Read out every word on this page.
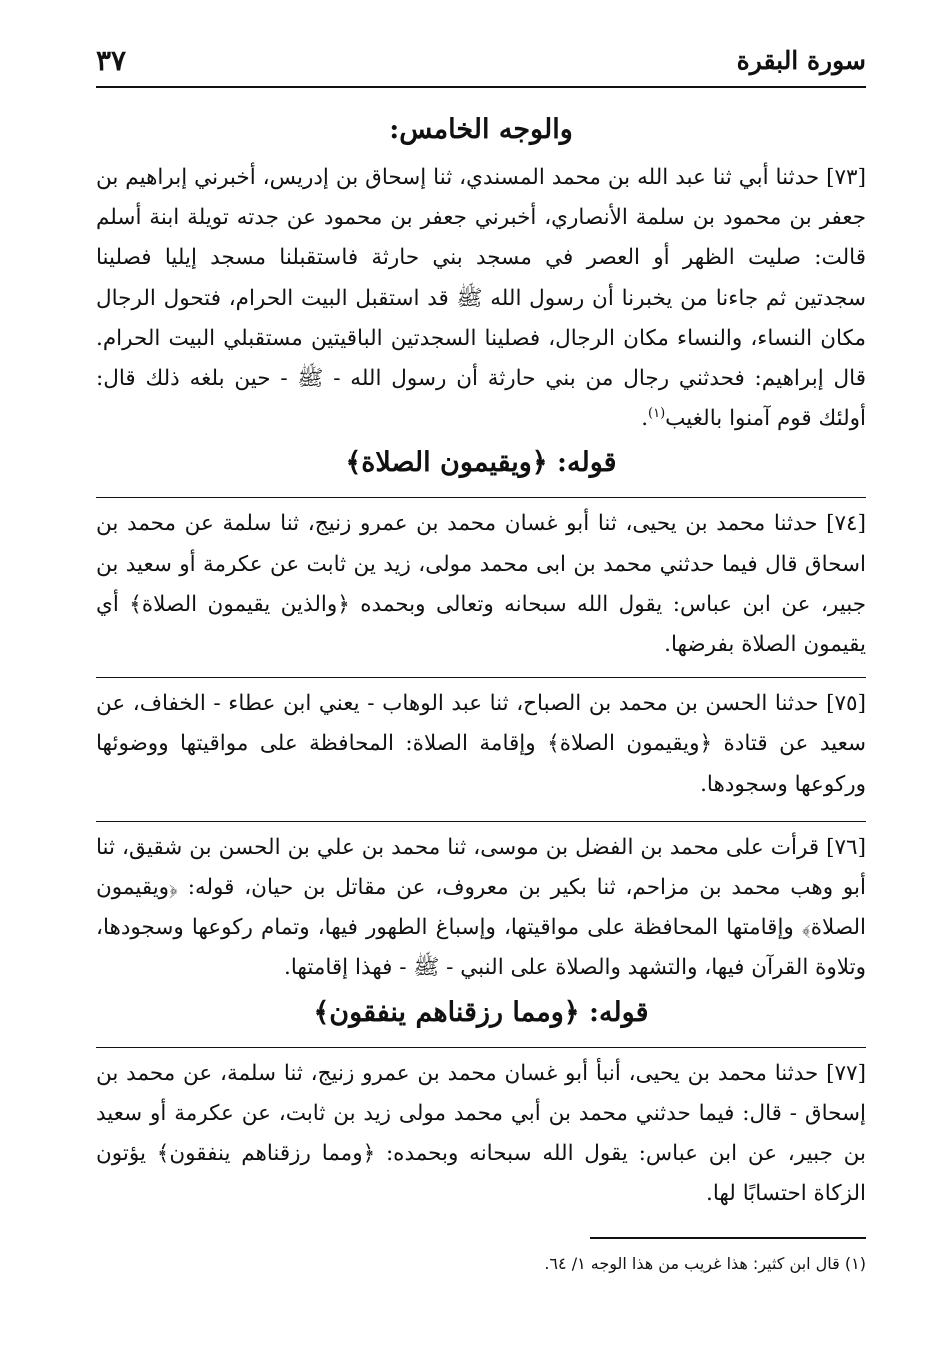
سورة البقرة
٣٧
والوجه الخامس:

[٧٣] حدثنا أبي ثنا عبد الله بن محمد المسندي، ثنا إسحاق بن إدريس، أخبرني إبراهيم بن جعفر بن محمود بن سلمة الأنصاري، أخبرني جعفر بن محمود عن جدته تويلة ابنة أسلم قالت: صليت الظهر أو العصر في مسجد بني حارثة فاستقبلنا مسجد إيليا فصلينا سجدتين ثم جاءنا من يخبرنا أن رسول الله ﷺ قد استقبل البيت الحرام، فتحول الرجال مكان النساء، والنساء مكان الرجال، فصلينا السجدتين الباقيتين مستقبلي البيت الحرام. قال إبراهيم: فحدثني رجال من بني حارثة أن رسول الله - ﷺ - حين بلغه ذلك قال: أولئك قوم آمنوا بالغيب$^{(١)}$.

قوله: ﴿ويقيمون الصلاة﴾

[٧٤] حدثنا محمد بن يحيى، ثنا أبو غسان محمد بن عمرو زنيج، ثنا سلمة عن محمد بن اسحاق قال فيما حدثني محمد بن ابى محمد مولى، زيد ين ثابت عن عكرمة أو سعيد بن جبير، عن ابن عباس: يقول الله سبحانه وتعالى وبحمده ﴿والذين يقيمون الصلاة﴾ أي يقيمون الصلاة بفرضها.

[٧٥] حدثنا الحسن بن محمد بن الصباح، ثنا عبد الوهاب - يعني ابن عطاء - الخفاف، عن سعيد عن قتادة ﴿ويقيمون الصلاة﴾ وإقامة الصلاة: المحافظة على مواقيتها ووضوئها وركوعها وسجودها.

[٧٦] قرأت على محمد بن الفضل بن موسى، ثنا محمد بن علي بن الحسن بن شقيق، ثنا أبو وهب محمد بن مزاحم، ثنا بكير بن معروف، عن مقاتل بن حيان، قوله: ﴿ويقيمون الصلاة﴾ وإقامتها المحافظة على مواقيتها، وإسباغ الطهور فيها، وتمام ركوعها وسجودها، وتلاوة القرآن فيها، والتشهد والصلاة على النبي - ﷺ - فهذا إقامتها.

قوله: ﴿ومما رزقناهم ينفقون﴾

[٧٧] حدثنا محمد بن يحيى، أنبأ أبو غسان محمد بن عمرو زنيج، ثنا سلمة، عن محمد بن إسحاق - قال: فيما حدثني محمد بن أبي محمد مولى زيد بن ثابت، عن عكرمة أو سعيد بن جبير، عن ابن عباس: يقول الله سبحانه وبحمده: ﴿ومما رزقناهم ينفقون﴾ يؤتون الزكاة احتسابًا لها.

(١) قال ابن كثير: هذا غريب من هذا الوجه ١/ ٦٤.
